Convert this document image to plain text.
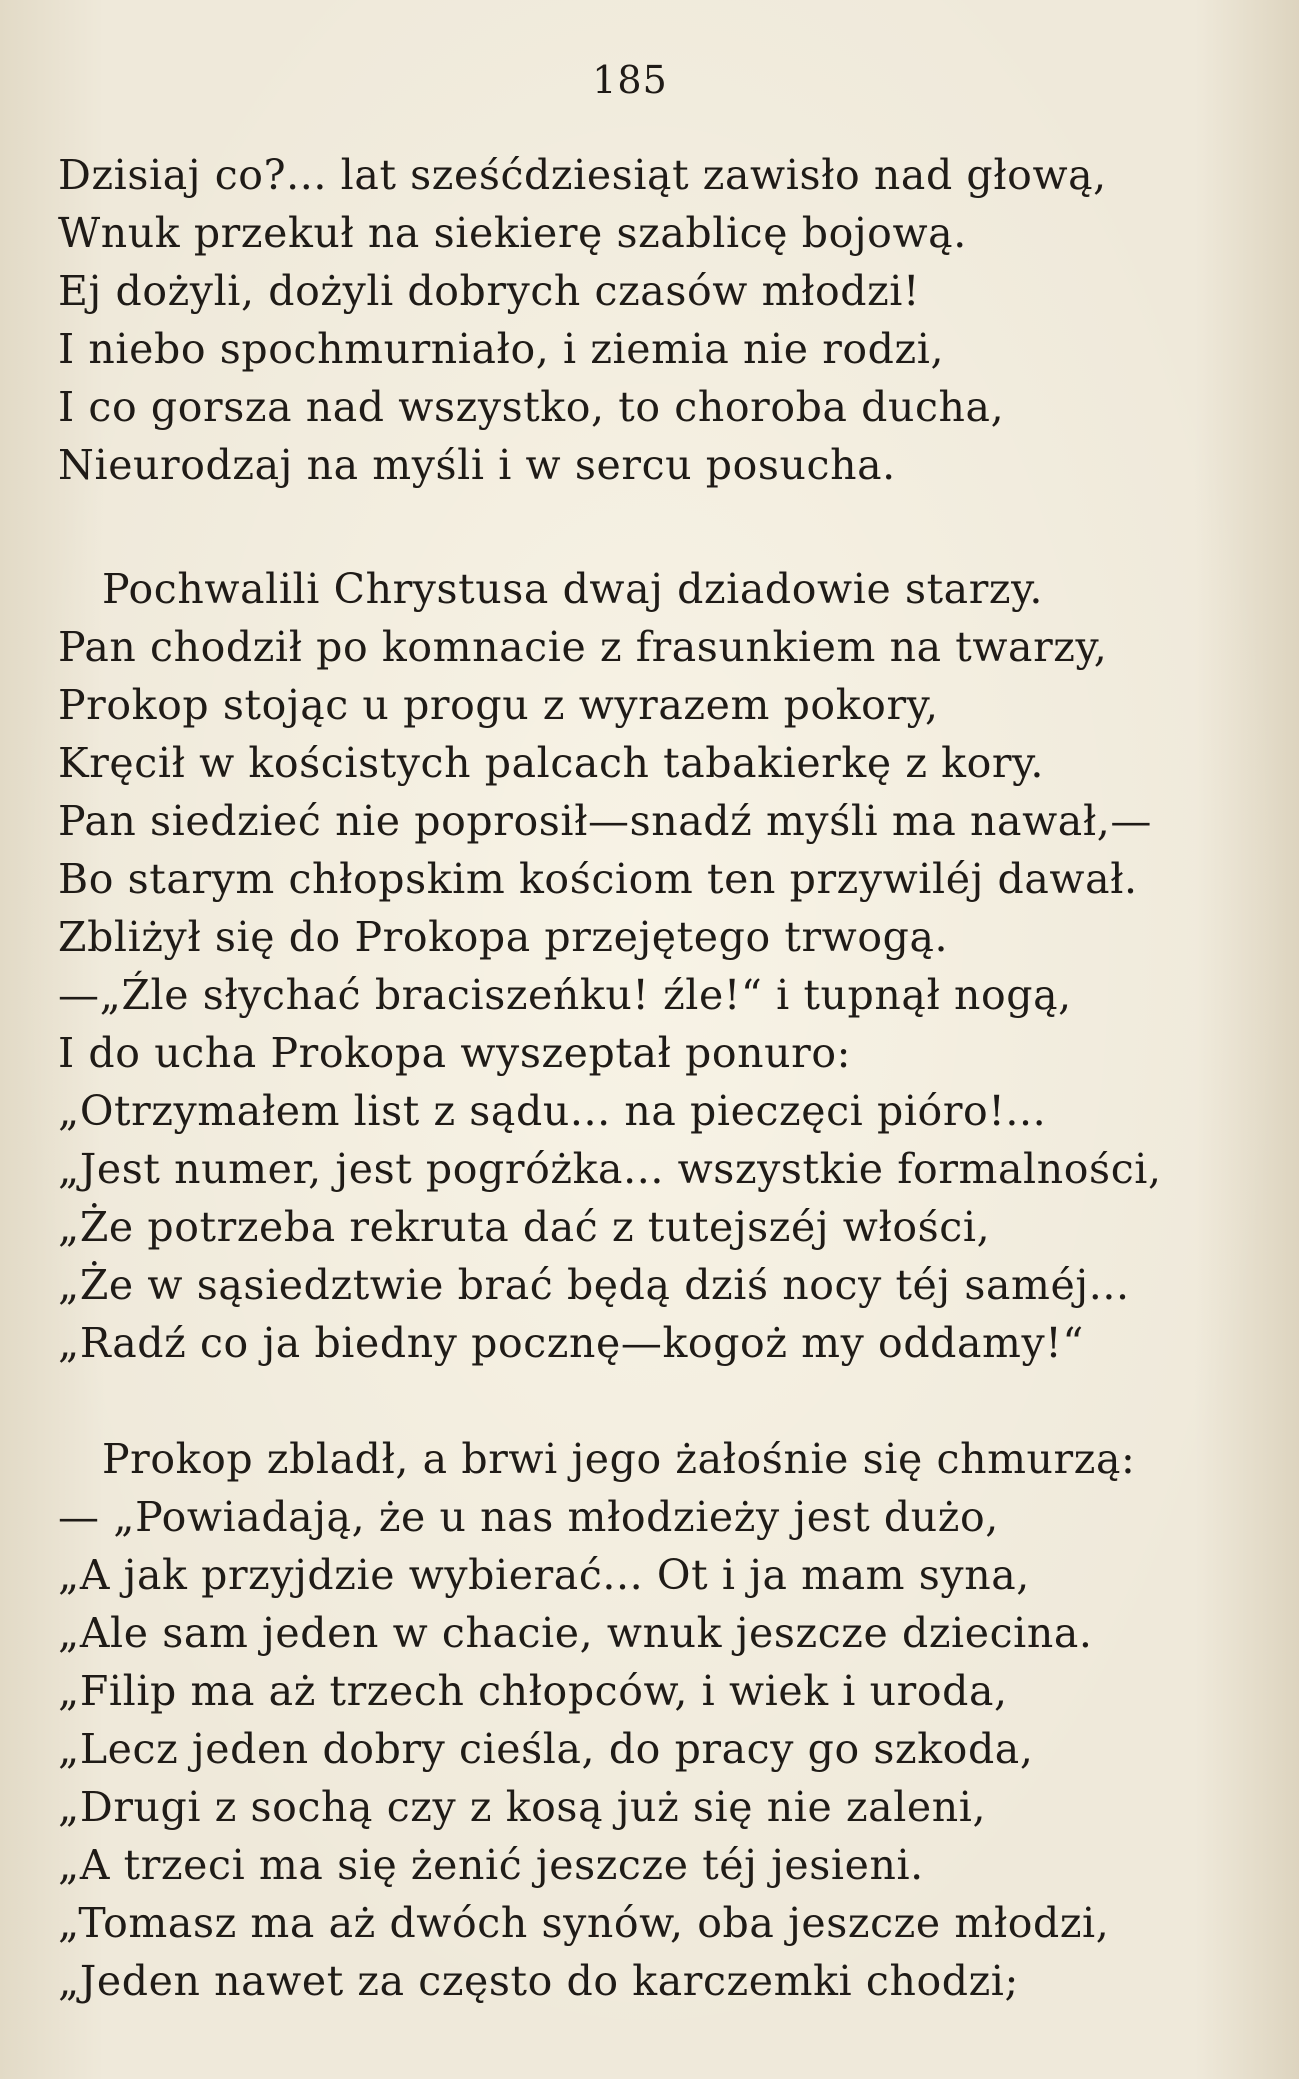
185
Dzisiaj co?... lat sześćdziesiąt zawisło nad głową,
Wnuk przekuł na siekierę szablicę bojową.
Ej dożyli, dożyli dobrych czasów młodzi!
I niebo spochmurniało, i ziemia nie rodzi,
I co gorsza nad wszystko, to choroba ducha,
Nieurodzaj na myśli i w sercu posucha.
Pochwalili Chrystusa dwaj dziadowie starzy.
Pan chodził po komnacie z frasunkiem na twarzy,
Prokop stojąc u progu z wyrazem pokory,
Kręcił w kościstych palcach tabakierkę z kory.
Pan siedzieć nie poprosił—snadź myśli ma nawał,—
Bo starym chłopskim kościom ten przywiléj dawał.
Zbliżył się do Prokopa przejętego trwogą.
—„Źle słychać braciszeńku! źle!“ i tupnął nogą,
I do ucha Prokopa wyszeptał ponuro:
„Otrzymałem list z sądu... na pieczęci pióro!...
„Jest numer, jest pogróżka... wszystkie formalności,
„Że potrzeba rekruta dać z tutejszéj włości,
„Że w sąsiedztwie brać będą dziś nocy téj saméj...
„Radź co ja biedny pocznę—kogoż my oddamy!“
Prokop zbladł, a brwi jego żałośnie się chmurzą:
— „Powiadają, że u nas młodzieży jest dużo,
„A jak przyjdzie wybierać... Ot i ja mam syna,
„Ale sam jeden w chacie, wnuk jeszcze dziecina.
„Filip ma aż trzech chłopców, i wiek i uroda,
„Lecz jeden dobry cieśla, do pracy go szkoda,
„Drugi z sochą czy z kosą już się nie zaleni,
„A trzeci ma się żenić jeszcze téj jesieni.
„Tomasz ma aż dwóch synów, oba jeszcze młodzi,
„Jeden nawet za często do karczemki chodzi;
